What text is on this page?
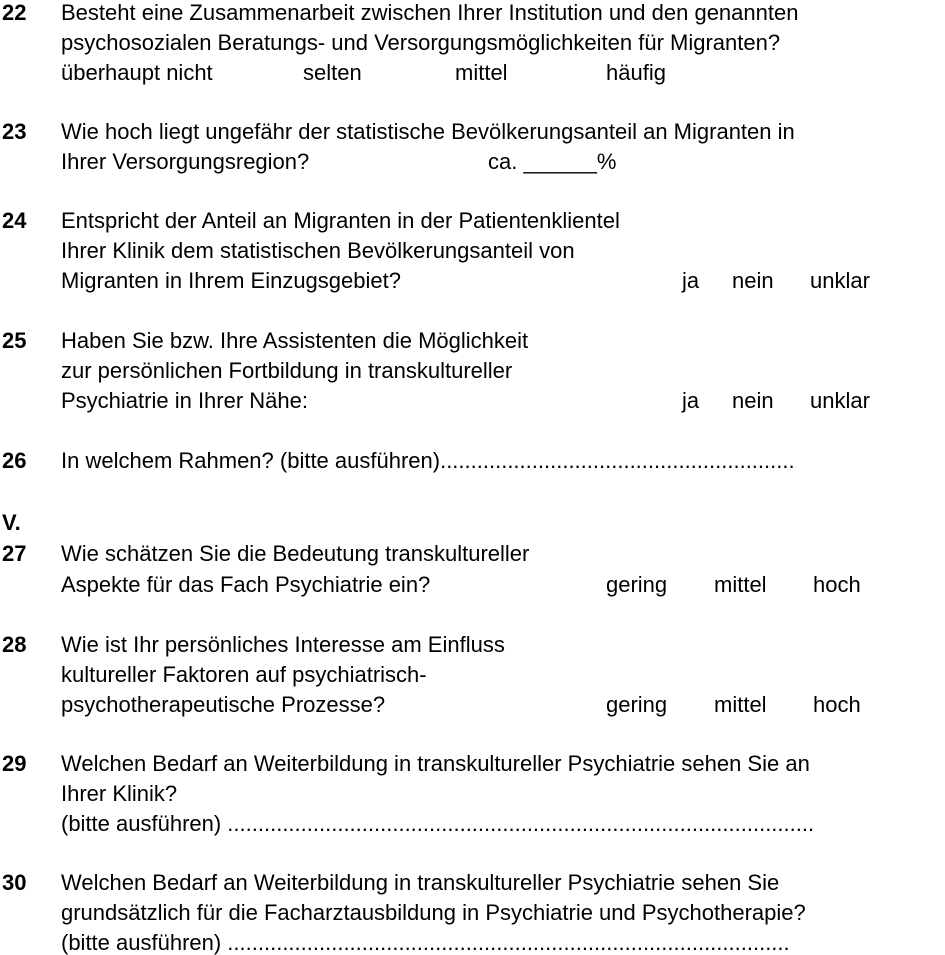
22 Besteht eine Zusammenarbeit zwischen Ihrer Institution und den genannten
psychosozialen Beratungs- und Versorgungsmöglichkeiten für Migranten?
überhaupt nicht	selten	mittel	häufig
23 Wie hoch liegt ungefähr der statistische Bevölkerungsanteil an Migranten in
Ihrer Versorgungsregion?	ca. ______%
24 Entspricht der Anteil an Migranten in der Patientenklientel
Ihrer Klinik dem statistischen Bevölkerungsanteil von
Migranten in Ihrem Einzugsgebiet?	ja nein unklar
25 Haben Sie bzw. Ihre Assistenten die Möglichkeit
zur persönlichen Fortbildung in transkultureller
Psychiatrie in Ihrer Nähe:	ja nein unklar
26 In welchem Rahmen? (bitte ausführen)..........................................................
V.
27 Wie schätzen Sie die Bedeutung transkultureller
Aspekte für das Fach Psychiatrie ein?	gering mittel hoch
28 Wie ist Ihr persönliches Interesse am Einfluss
kultureller Faktoren auf psychiatrisch-
psychotherapeutische Prozesse?	gering mittel hoch
29 Welchen Bedarf an Weiterbildung in transkultureller Psychiatrie sehen Sie an
Ihrer Klinik?
(bitte ausführen) ................................................................................................
30 Welchen Bedarf an Weiterbildung in transkultureller Psychiatrie sehen Sie
grundsätzlich für die Facharztausbildung in Psychiatrie und Psychotherapie?
(bitte ausführen) ............................................................................................
